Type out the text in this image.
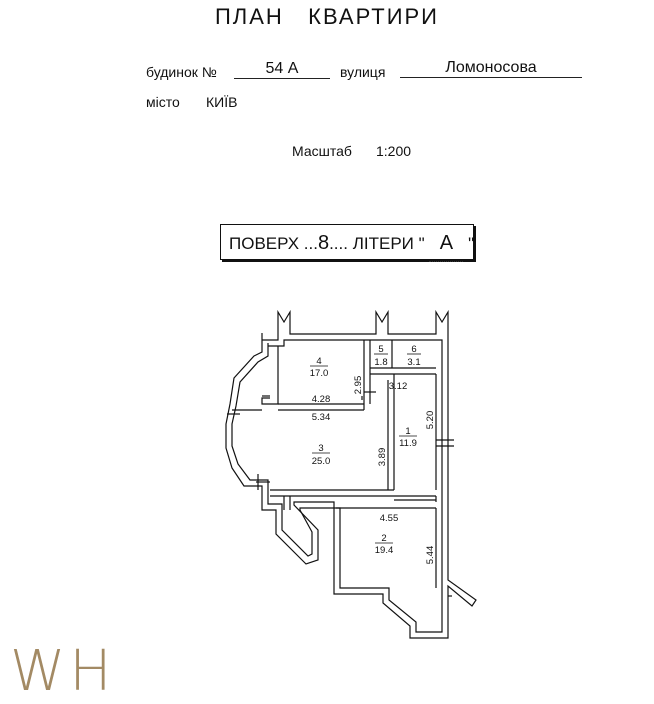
ПЛАН   КВАРТИРИ
будинок №	54 А	вулиця	Ломоносова
місто КИЇВ
Масштаб 1:200
ПОВЕРХ ...8.... ЛІТЕРИ " А "
4
17.0
5
1.8
6
3.1
3
25.0
1
11.9
2
19.4
2.95	3.12
4.28
5.34
3.89
5.20
4.55
5.44
WH
